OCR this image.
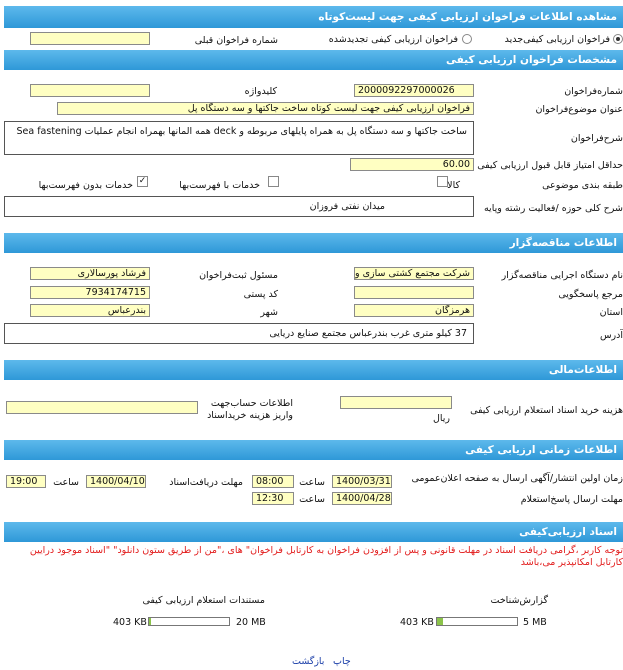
مشاهده اطلاعات فراخوان ارزیابی کیفی جهت لیست‌کوتاه
فراخوان ارزیابی کیفی‌جدید
فراخوان ارزیابی کیفی تجدیدشده
شماره فراخوان قبلی
مشخصات فراخوان ارزیابی کیفی
شماره‌فراخوان
2000092297000026
کلیدواژه
عنوان موضوع‌فراخوان
فراخوان ارزیابی کیفی جهت لیست کوتاه ساخت جاکتها و سه دستگاه پل
شرح‌فراخوان
ساخت جاکتها و سه دستگاه پل به همراه پایلهای مربوطه و deck همه المانها بهمراه انجام عملیات Sea fastening
حداقل امتیاز قابل قبول ارزیابی کیفی
60.00
طبقه بندی موضوعی
کالا
خدمات با فهرست‌بها
✓
خدمات بدون فهرست‌بها
شرح کلی حوزه /فعالیت رشته وپایه
میدان نفتی فروزان
اطلاعات مناقصه‌گزار
نام دستگاه اجرایی مناقصه‌گزار
شرکت مجتمع کشتی سازی و
مسئول ثبت‌فراخوان
فرشاد پورسالاری
مرجع پاسخگویی
کد پستی
7934174715
استان
هرمزگان
شهر
بندرعباس
آدرس
37 کیلو متری غرب بندرعباس مجتمع صنایع دریایی
اطلاعات‌مالی
هزینه خرید اسناد استعلام ارزیابی کیفی
ریال
اطلاعات حساب‌جهت واریز هزینه خرید‌اسناد
اطلاعات زمانی ارزیابی کیفی
زمان اولین انتشار/آگهی ارسال به صفحه اعلان‌عمومی
1400/03/31
ساعت
08:00
مهلت دریافت‌اسناد
1400/04/10
ساعت
19:00
مهلت ارسال پاسخ‌استعلام
1400/04/28
ساعت
12:30
اسناد ارزیابی‌کیفی
توجه کاربر ،گرامی دریافت اسناد در مهلت قانونی و پس از افزودن فراخوان به کارتابل فراخوان" هاى ،"من از طریق ستون دانلود" "اسناد موجود درایین کارتابل امکانپذیر می،باشد
گزارش‌شناخت
403 KB	5 MB
مستندات استعلام ارزیابی کیفی
403 KB	20 MB
بازگشت چاپ
